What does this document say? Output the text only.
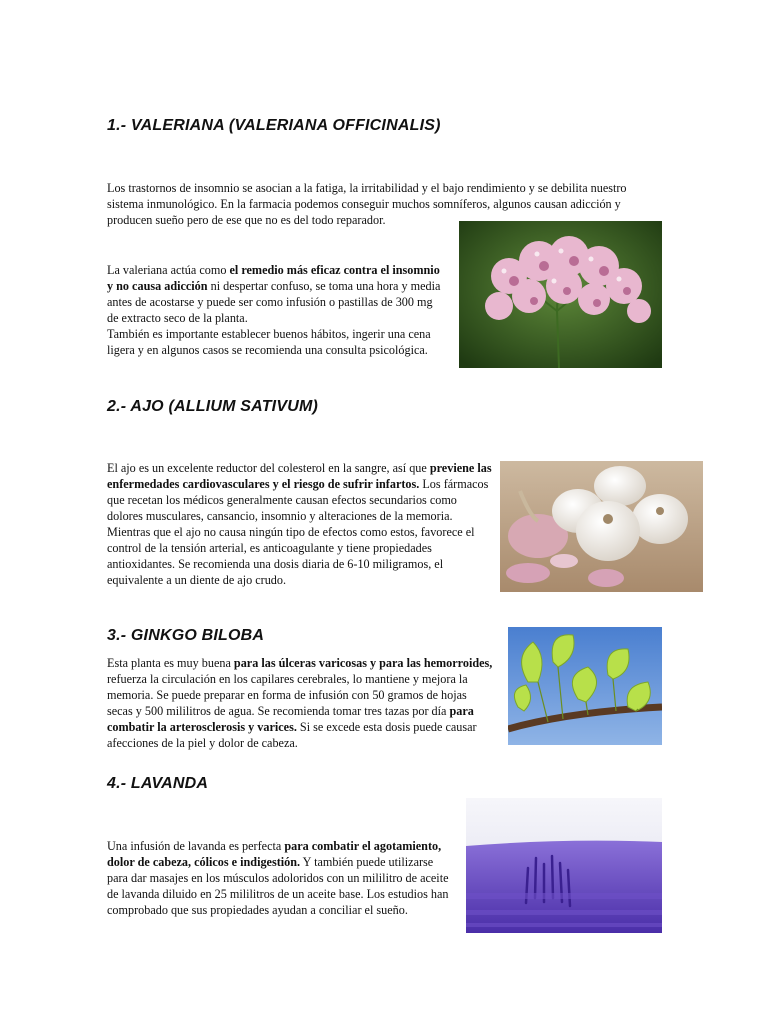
1.- VALERIANA (VALERIANA OFFICINALIS)

Los trastornos de insomnio se asocian a la fatiga, la irritabilidad y el bajo rendimiento y se debilita nuestro sistema inmunológico. En la farmacia podemos conseguir muchos somníferos, algunos causan adicción y producen sueño pero de ese que no es del todo reparador.

La valeriana actúa como el remedio más eficaz contra el insomnio y no causa adicción ni despertar confuso, se toma una hora y media antes de acostarse y puede ser como infusión o pastillas de 300 mg de extracto seco de la planta.
También es importante establecer buenos hábitos, ingerir una cena ligera y en algunos casos se recomienda una consulta psicológica.

2.- AJO (ALLIUM SATIVUM)

El ajo es un excelente reductor del colesterol en la sangre, así que previene las enfermedades cardiovasculares y el riesgo de sufrir infartos. Los fármacos que recetan los médicos generalmente causan efectos secundarios como dolores musculares, cansancio, insomnio y alteraciones de la memoria.
Mientras que el ajo no causa ningún tipo de efectos como estos, favorece el control de la tensión arterial, es anticoagulante y tiene propiedades antioxidantes. Se recomienda una dosis diaria de 6-10 miligramos, el equivalente a un diente de ajo crudo.

3.- GINKGO BILOBA

Esta planta es muy buena para las úlceras varicosas y para las hemorroides, refuerza la circulación en los capilares cerebrales, lo mantiene y mejora la memoria. Se puede preparar en forma de infusión con 50 gramos de hojas secas y 500 mililitros de agua. Se recomienda tomar tres tazas por día para combatir la arterosclerosis y varices. Si se excede esta dosis puede causar afecciones de la piel y dolor de cabeza.

4.- LAVANDA

Una infusión de lavanda es perfecta para combatir el agotamiento, dolor de cabeza, cólicos e indigestión. Y también puede utilizarse para dar masajes en los músculos adoloridos con un mililitro de aceite de lavanda diluido en 25 mililitros de un aceite base. Los estudios han comprobado que sus propiedades ayudan a conciliar el sueño.
